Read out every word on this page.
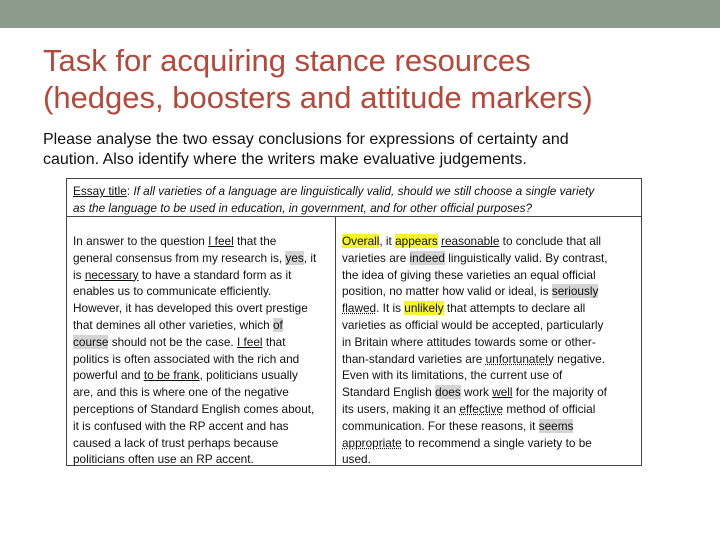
Task for acquiring stance resources
(hedges, boosters and attitude markers)
Please analyse the two essay conclusions for expressions of certainty and
caution. Also identify where the writers make evaluative judgements.
Essay title: If all varieties of a language are linguistically valid, should we still choose a single variety
as the language to be used in education, in government, and for other official purposes?
In answer to the question I feel that the
general consensus from my research is, yes, it
is necessary to have a standard form as it
enables us to communicate efficiently.
However, it has developed this overt prestige
that demines all other varieties, which of
course should not be the case. I feel that
politics is often associated with the rich and
powerful and to be frank, politicians usually
are, and this is where one of the negative
perceptions of Standard English comes about,
it is confused with the RP accent and has
caused a lack of trust perhaps because
politicians often use an RP accent.
Overall, it appears reasonable to conclude that all
varieties are indeed linguistically valid. By contrast,
the idea of giving these varieties an equal official
position, no matter how valid or ideal, is seriously
flawed. It is unlikely that attempts to declare all
varieties as official would be accepted, particularly
in Britain where attitudes towards some or other-
than-standard varieties are unfortunately negative.
Even with its limitations, the current use of
Standard English does work well for the majority of
its users, making it an effective method of official
communication. For these reasons, it seems
appropriate to recommend a single variety to be
used.
